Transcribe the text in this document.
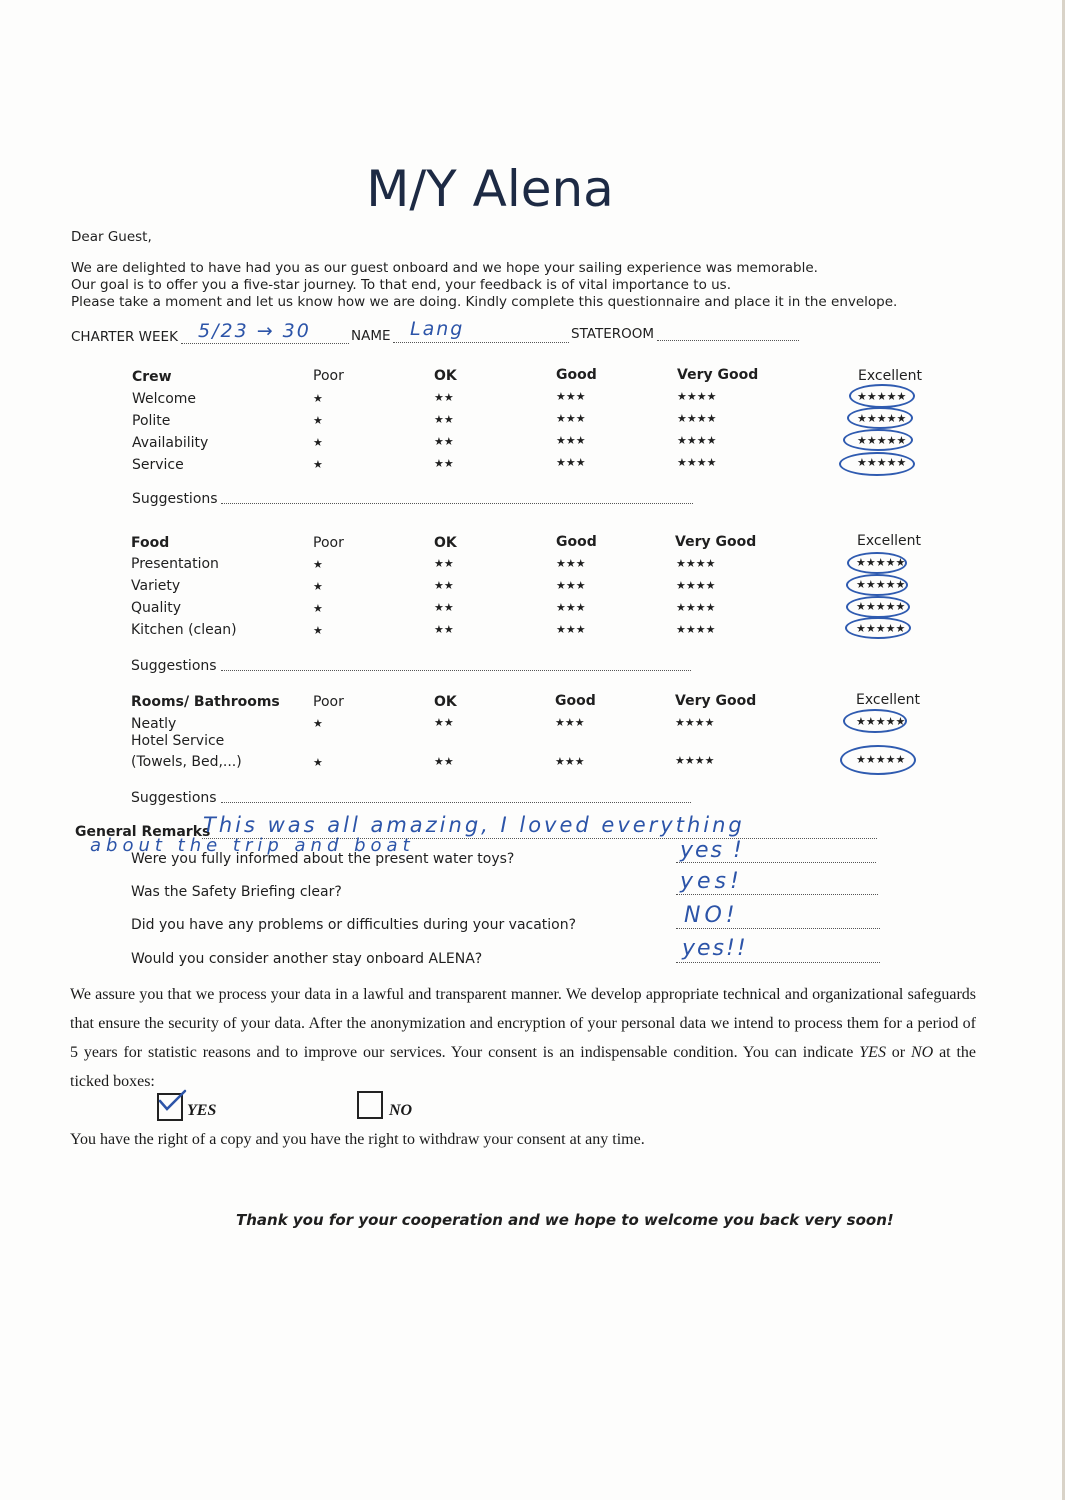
M/Y Alena
Dear Guest,
We are delighted to have had you as our guest onboard and we hope your sailing experience was memorable.
Our goal is to offer you a five-star journey. To that end, your feedback is of vital importance to us.
Please take a moment and let us know how we are doing. Kindly complete this questionnaire and place it in the envelope.
CHARTER WEEK 5/23 → 30	NAME Lang	STATEROOM
Crew	Poor	OK	Good	Very Good	Excellent
Welcome	★	★★	★★★	★★★★	★★★★★
Polite	★	★★	★★★	★★★★	★★★★★
Availability	★	★★	★★★	★★★★	★★★★★
Service	★	★★	★★★	★★★★	★★★★★
Suggestions
Food	Poor	OK	Good	Very Good	Excellent
Presentation	★	★★	★★★	★★★★	★★★★★
Variety	★	★★	★★★	★★★★	★★★★★
Quality	★	★★	★★★	★★★★	★★★★★
Kitchen (clean)	★	★★	★★★	★★★★	★★★★★
Suggestions
Rooms/ Bathrooms Poor	OK	Good	Very Good	Excellent
Neatly	★	★★	★★★	★★★★	★★★★★
Hotel Service
(Towels, Bed,...)	★	★★	★★★	★★★★	★★★★★
Suggestions
General Remarks
This was all amazing, I loved everything
about the trip and boat
Were you fully informed about the present water toys?	yes !
Was the Safety Briefing clear?	yes!
Did you have any problems or difficulties during your vacation?	NO!
Would you consider another stay onboard ALENA?	yes!!
We assure you that we process your data in a lawful and transparent manner. We develop appropriate technical and organizational safeguards that ensure the security of your data. After the anonymization and encryption of your personal data we intend to process them for a period of 5 years for statistic reasons and to improve our services. Your consent is an indispensable condition. You can indicate YES or NO at the ticked boxes:
YES	NO
You have the right of a copy and you have the right to withdraw your consent at any time.
Thank you for your cooperation and we hope to welcome you back very soon!
